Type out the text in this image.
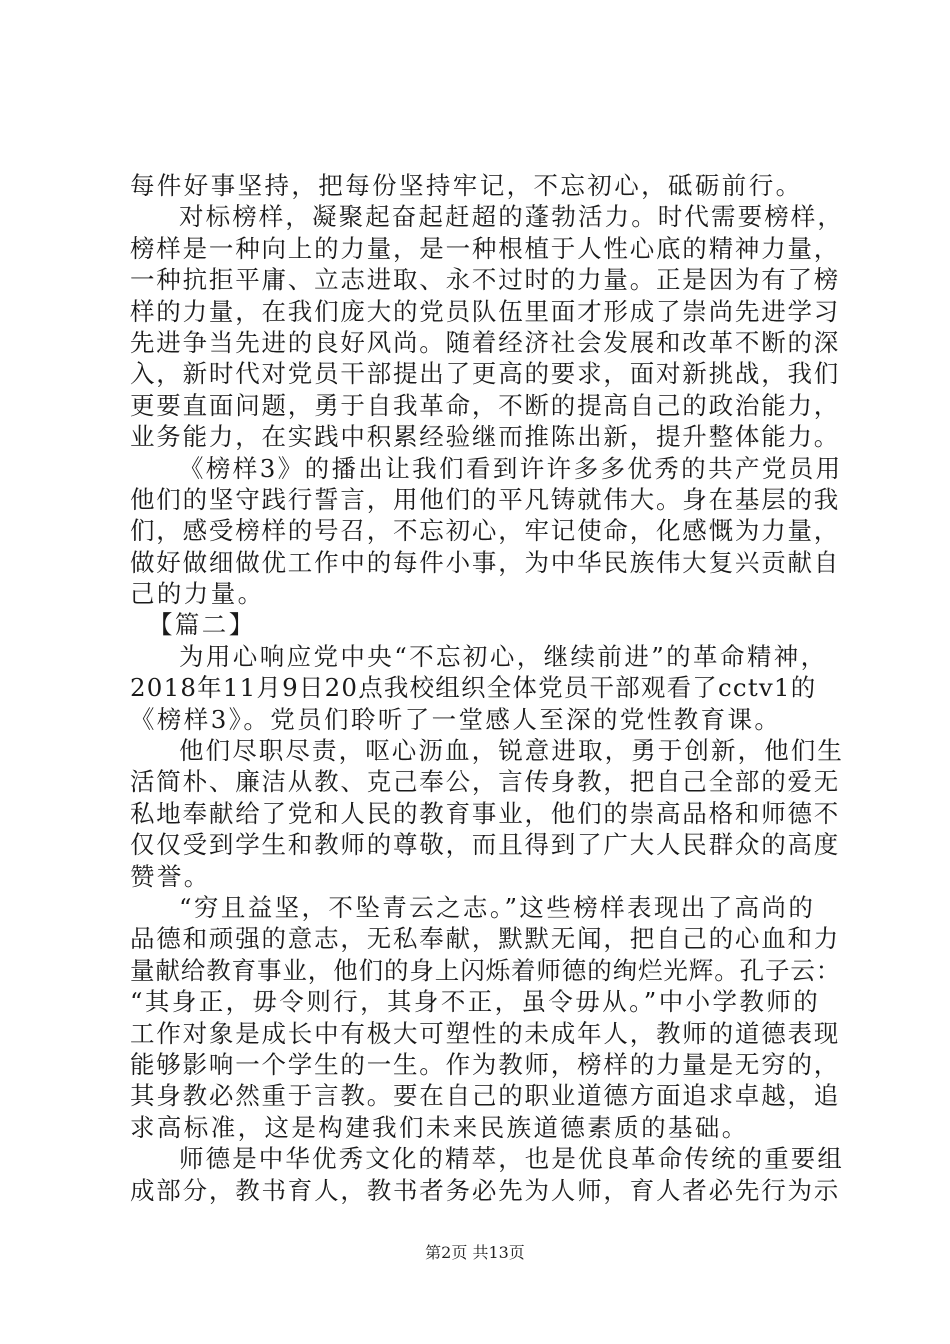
每件好事坚持，把每份坚持牢记，不忘初心，砥砺前行。
对标榜样，凝聚起奋起赶超的蓬勃活力。时代需要榜样，
榜样是一种向上的力量，是一种根植于人性心底的精神力量，
一种抗拒平庸、立志进取、永不过时的力量。正是因为有了榜
样的力量，在我们庞大的党员队伍里面才形成了崇尚先进学习
先进争当先进的良好风尚。随着经济社会发展和改革不断的深
入，新时代对党员干部提出了更高的要求，面对新挑战，我们
更要直面问题，勇于自我革命，不断的提高自己的政治能力，
业务能力，在实践中积累经验继而推陈出新，提升整体能力。
《榜样3》的播出让我们看到许许多多优秀的共产党员用
他们的坚守践行誓言，用他们的平凡铸就伟大。身在基层的我
们，感受榜样的号召，不忘初心，牢记使命，化感慨为力量，
做好做细做优工作中的每件小事，为中华民族伟大复兴贡献自
己的力量。
【篇二】
为用心响应党中央“不忘初心，继续前进”的革命精神，
2018年11月9日20点我校组织全体党员干部观看了cctv1的
《榜样3》。党员们聆听了一堂感人至深的党性教育课。
他们尽职尽责，呕心沥血，锐意进取，勇于创新，他们生
活简朴、廉洁从教、克己奉公，言传身教，把自己全部的爱无
私地奉献给了党和人民的教育事业，他们的崇高品格和师德不
仅仅受到学生和教师的尊敬，而且得到了广大人民群众的高度
赞誉。
“穷且益坚，不坠青云之志。”这些榜样表现出了高尚的
品德和顽强的意志，无私奉献，默默无闻，把自己的心血和力
量献给教育事业，他们的身上闪烁着师德的绚烂光辉。孔子云：
“其身正，毋令则行，其身不正，虽令毋从。”中小学教师的
工作对象是成长中有极大可塑性的未成年人，教师的道德表现
能够影响一个学生的一生。作为教师，榜样的力量是无穷的，
其身教必然重于言教。要在自己的职业道德方面追求卓越，追
求高标准，这是构建我们未来民族道德素质的基础。
师德是中华优秀文化的精萃，也是优良革命传统的重要组
成部分，教书育人，教书者务必先为人师，育人者必先行为示
第2页 共13页
